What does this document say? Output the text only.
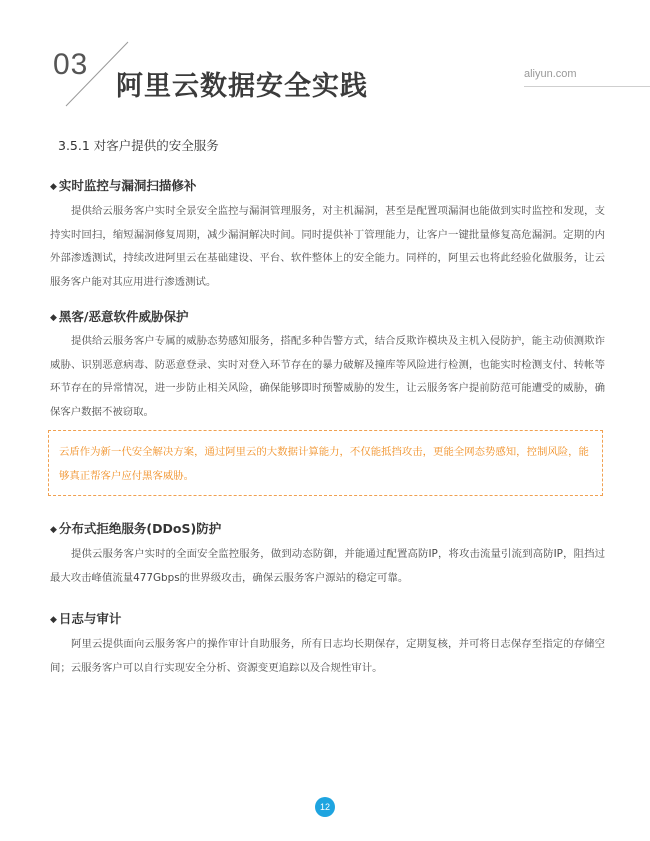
03
阿里云数据安全实践	aliyun.com
3.5.1 对客户提供的安全服务
◆ 实时监控与漏洞扫描修补

提供给云服务客户实时全景安全监控与漏洞管理服务，对主机漏洞，甚至是配置项漏洞也能做到实时监控和发现，支持实时回扫，缩短漏洞修复周期，减少漏洞解决时间。同时提供补丁管理能力，让客户一键批量修复高危漏洞。定期的内外部渗透测试，持续改进阿里云在基础建设、平台、软件整体上的安全能力。同样的，阿里云也将此经验化做服务，让云服务客户能对其应用进行渗透测试。

◆ 黑客/恶意软件威胁保护

提供给云服务客户专属的威胁态势感知服务，搭配多种告警方式，结合反欺诈模块及主机入侵防护，能主动侦测欺诈威胁、识别恶意病毒、防恶意登录、实时对登入环节存在的暴力破解及撞库等风险进行检测，也能实时检测支付、转帐等环节存在的异常情况，进一步防止相关风险，确保能够即时预警威胁的发生，让云服务客户提前防范可能遭受的威胁，确保客户数据不被窃取。

云盾作为新一代安全解决方案，通过阿里云的大数据计算能力，不仅能抵挡攻击，更能全网态势感知，控制风险，能够真正帮客户应付黑客威胁。

◆ 分布式拒绝服务(DDoS)防护

提供云服务客户实时的全面安全监控服务，做到动态防御，并能通过配置高防IP，将攻击流量引流到高防IP，阻挡过最大攻击峰值流量477Gbps的世界级攻击，确保云服务客户源站的稳定可靠。

◆ 日志与审计

阿里云提供面向云服务客户的操作审计自助服务，所有日志均长期保存，定期复核，并可将日志保存至指定的存储空间；云服务客户可以自行实现安全分析、资源变更追踪以及合规性审计。

12
